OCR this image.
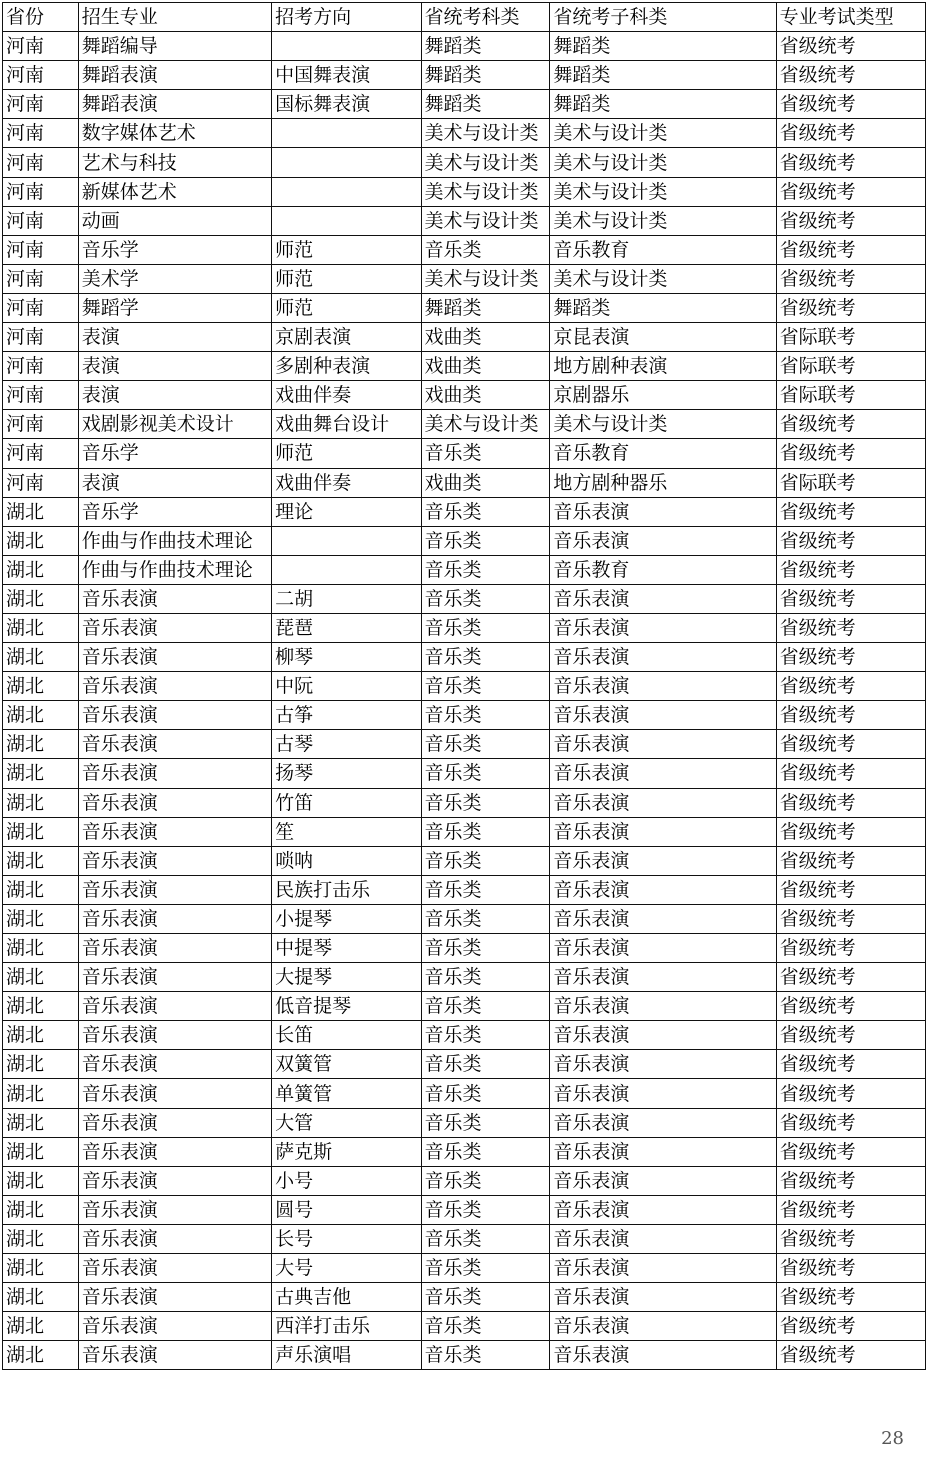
省份	招生专业	招考方向	省统考科类	省统考子科类	专业考试类型
河南	舞蹈编导		舞蹈类	舞蹈类	省级统考
河南	舞蹈表演	中国舞表演	舞蹈类	舞蹈类	省级统考
河南	舞蹈表演	国标舞表演	舞蹈类	舞蹈类	省级统考
河南	数字媒体艺术		美术与设计类	美术与设计类	省级统考
河南	艺术与科技		美术与设计类	美术与设计类	省级统考
河南	新媒体艺术		美术与设计类	美术与设计类	省级统考
河南	动画		美术与设计类	美术与设计类	省级统考
河南	音乐学	师范	音乐类	音乐教育	省级统考
河南	美术学	师范	美术与设计类	美术与设计类	省级统考
河南	舞蹈学	师范	舞蹈类	舞蹈类	省级统考
河南	表演	京剧表演	戏曲类	京昆表演	省际联考
河南	表演	多剧种表演	戏曲类	地方剧种表演	省际联考
河南	表演	戏曲伴奏	戏曲类	京剧器乐	省际联考
河南	戏剧影视美术设计	戏曲舞台设计	美术与设计类	美术与设计类	省级统考
河南	音乐学	师范	音乐类	音乐教育	省级统考
河南	表演	戏曲伴奏	戏曲类	地方剧种器乐	省际联考
湖北	音乐学	理论	音乐类	音乐表演	省级统考
湖北	作曲与作曲技术理论		音乐类	音乐表演	省级统考
湖北	作曲与作曲技术理论		音乐类	音乐教育	省级统考
湖北	音乐表演	二胡	音乐类	音乐表演	省级统考
湖北	音乐表演	琵琶	音乐类	音乐表演	省级统考
湖北	音乐表演	柳琴	音乐类	音乐表演	省级统考
湖北	音乐表演	中阮	音乐类	音乐表演	省级统考
湖北	音乐表演	古筝	音乐类	音乐表演	省级统考
湖北	音乐表演	古琴	音乐类	音乐表演	省级统考
湖北	音乐表演	扬琴	音乐类	音乐表演	省级统考
湖北	音乐表演	竹笛	音乐类	音乐表演	省级统考
湖北	音乐表演	笙	音乐类	音乐表演	省级统考
湖北	音乐表演	唢呐	音乐类	音乐表演	省级统考
湖北	音乐表演	民族打击乐	音乐类	音乐表演	省级统考
湖北	音乐表演	小提琴	音乐类	音乐表演	省级统考
湖北	音乐表演	中提琴	音乐类	音乐表演	省级统考
湖北	音乐表演	大提琴	音乐类	音乐表演	省级统考
湖北	音乐表演	低音提琴	音乐类	音乐表演	省级统考
湖北	音乐表演	长笛	音乐类	音乐表演	省级统考
湖北	音乐表演	双簧管	音乐类	音乐表演	省级统考
湖北	音乐表演	单簧管	音乐类	音乐表演	省级统考
湖北	音乐表演	大管	音乐类	音乐表演	省级统考
湖北	音乐表演	萨克斯	音乐类	音乐表演	省级统考
湖北	音乐表演	小号	音乐类	音乐表演	省级统考
湖北	音乐表演	圆号	音乐类	音乐表演	省级统考
湖北	音乐表演	长号	音乐类	音乐表演	省级统考
湖北	音乐表演	大号	音乐类	音乐表演	省级统考
湖北	音乐表演	古典吉他	音乐类	音乐表演	省级统考
湖北	音乐表演	西洋打击乐	音乐类	音乐表演	省级统考
湖北	音乐表演	声乐演唱	音乐类	音乐表演	省级统考
28
